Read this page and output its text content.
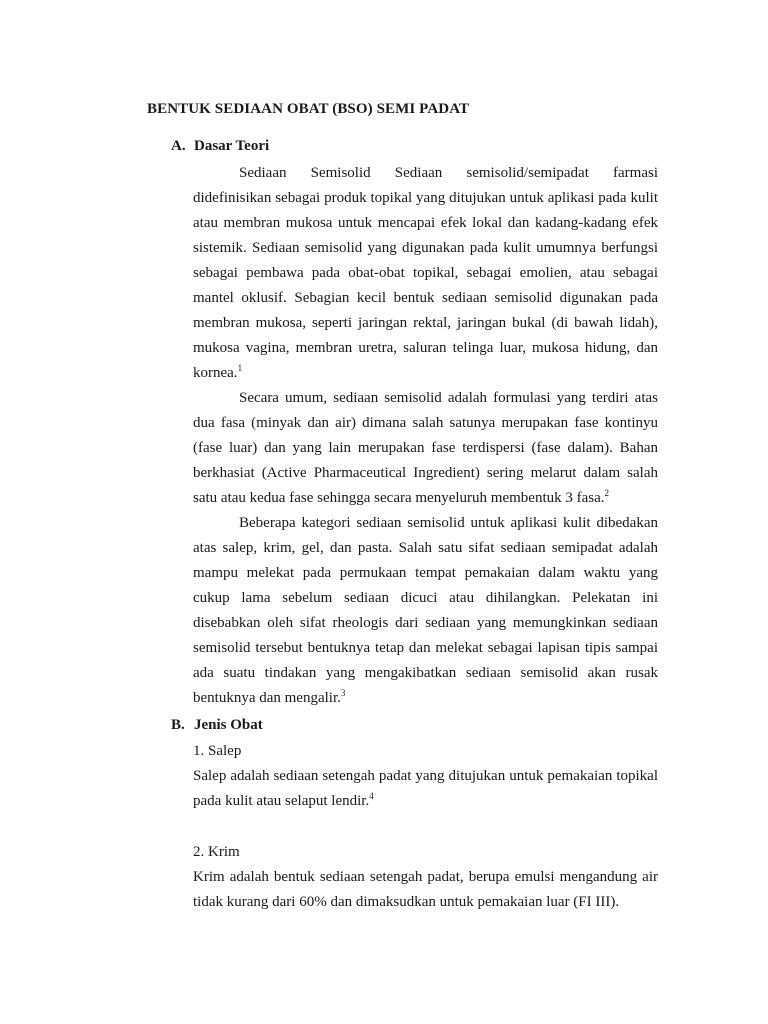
BENTUK SEDIAAN OBAT (BSO) SEMI PADAT
A. Dasar Teori

Sediaan Semisolid Sediaan semisolid/semipadat farmasi didefinisikan sebagai produk topikal yang ditujukan untuk aplikasi pada kulit atau membran mukosa untuk mencapai efek lokal dan kadang-kadang efek sistemik. Sediaan semisolid yang digunakan pada kulit umumnya berfungsi sebagai pembawa pada obat-obat topikal, sebagai emolien, atau sebagai mantel oklusif. Sebagian kecil bentuk sediaan semisolid digunakan pada membran mukosa, seperti jaringan rektal, jaringan bukal (di bawah lidah), mukosa vagina, membran uretra, saluran telinga luar, mukosa hidung, dan kornea.$^1$

Secara umum, sediaan semisolid adalah formulasi yang terdiri atas dua fasa (minyak dan air) dimana salah satunya merupakan fase kontinyu (fase luar) dan yang lain merupakan fase terdispersi (fase dalam). Bahan berkhasiat (Active Pharmaceutical Ingredient) sering melarut dalam salah satu atau kedua fase sehingga secara menyeluruh membentuk 3 fasa.$^2$

Beberapa kategori sediaan semisolid untuk aplikasi kulit dibedakan atas salep, krim, gel, dan pasta. Salah satu sifat sediaan semipadat adalah mampu melekat pada permukaan tempat pemakaian dalam waktu yang cukup lama sebelum sediaan dicuci atau dihilangkan. Pelekatan ini disebabkan oleh sifat rheologis dari sediaan yang memungkinkan sediaan semisolid tersebut bentuknya tetap dan melekat sebagai lapisan tipis sampai ada suatu tindakan yang mengakibatkan sediaan semisolid akan rusak bentuknya dan mengalir.$^3$

B. Jenis Obat

1. Salep

Salep adalah sediaan setengah padat yang ditujukan untuk pemakaian topikal pada kulit atau selaput lendir.$^4$

2. Krim

Krim adalah bentuk sediaan setengah padat, berupa emulsi mengandung air tidak kurang dari 60% dan dimaksudkan untuk pemakaian luar (FI III).
